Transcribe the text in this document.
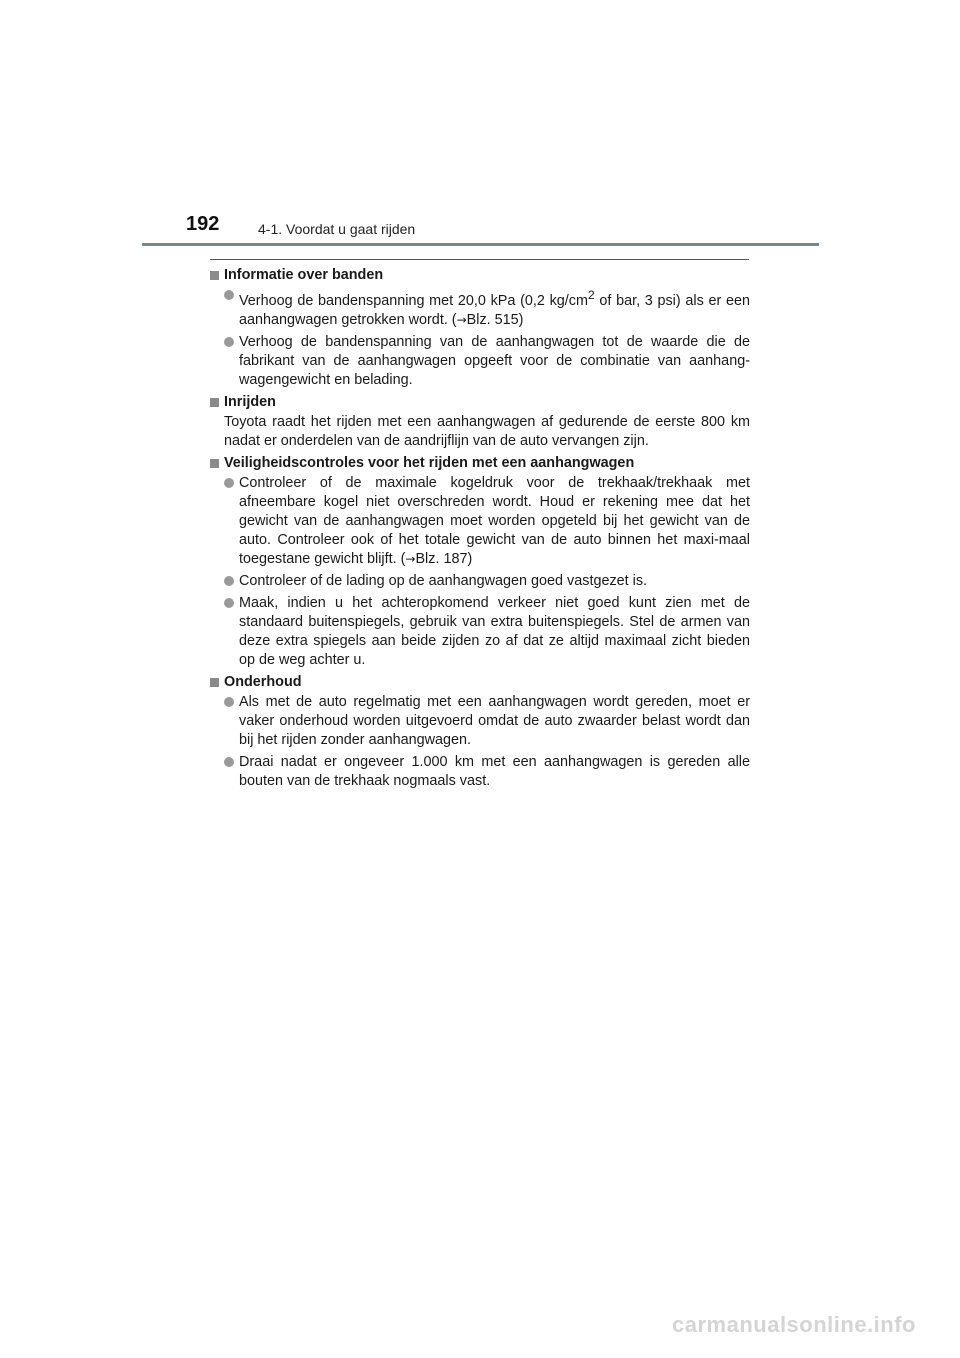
192	4-1. Voordat u gaat rijden
Informatie over banden
Verhoog de bandenspanning met 20,0 kPa (0,2 $kg/cm^2$ of bar, 3 psi) als er een aanhangwagen getrokken wordt. (→Blz. 515)
Verhoog de bandenspanning van de aanhangwagen tot de waarde die de fabrikant van de aanhangwagen opgeeft voor de combinatie van aanhang-wagengewicht en belading.
Inrijden
Toyota raadt het rijden met een aanhangwagen af gedurende de eerste 800 km nadat er onderdelen van de aandrijflijn van de auto vervangen zijn.
Veiligheidscontroles voor het rijden met een aanhangwagen
Controleer of de maximale kogeldruk voor de trekhaak/trekhaak met afneembare kogel niet overschreden wordt. Houd er rekening mee dat het gewicht van de aanhangwagen moet worden opgeteld bij het gewicht van de auto. Controleer ook of het totale gewicht van de auto binnen het maxi-maal toegestane gewicht blijft. (→Blz. 187)
Controleer of de lading op de aanhangwagen goed vastgezet is.
Maak, indien u het achteropkomend verkeer niet goed kunt zien met de standaard buitenspiegels, gebruik van extra buitenspiegels. Stel de armen van deze extra spiegels aan beide zijden zo af dat ze altijd maximaal zicht bieden op de weg achter u.
Onderhoud
Als met de auto regelmatig met een aanhangwagen wordt gereden, moet er vaker onderhoud worden uitgevoerd omdat de auto zwaarder belast wordt dan bij het rijden zonder aanhangwagen.
Draai nadat er ongeveer 1.000 km met een aanhangwagen is gereden alle bouten van de trekhaak nogmaals vast.
carmanualsonline.info
